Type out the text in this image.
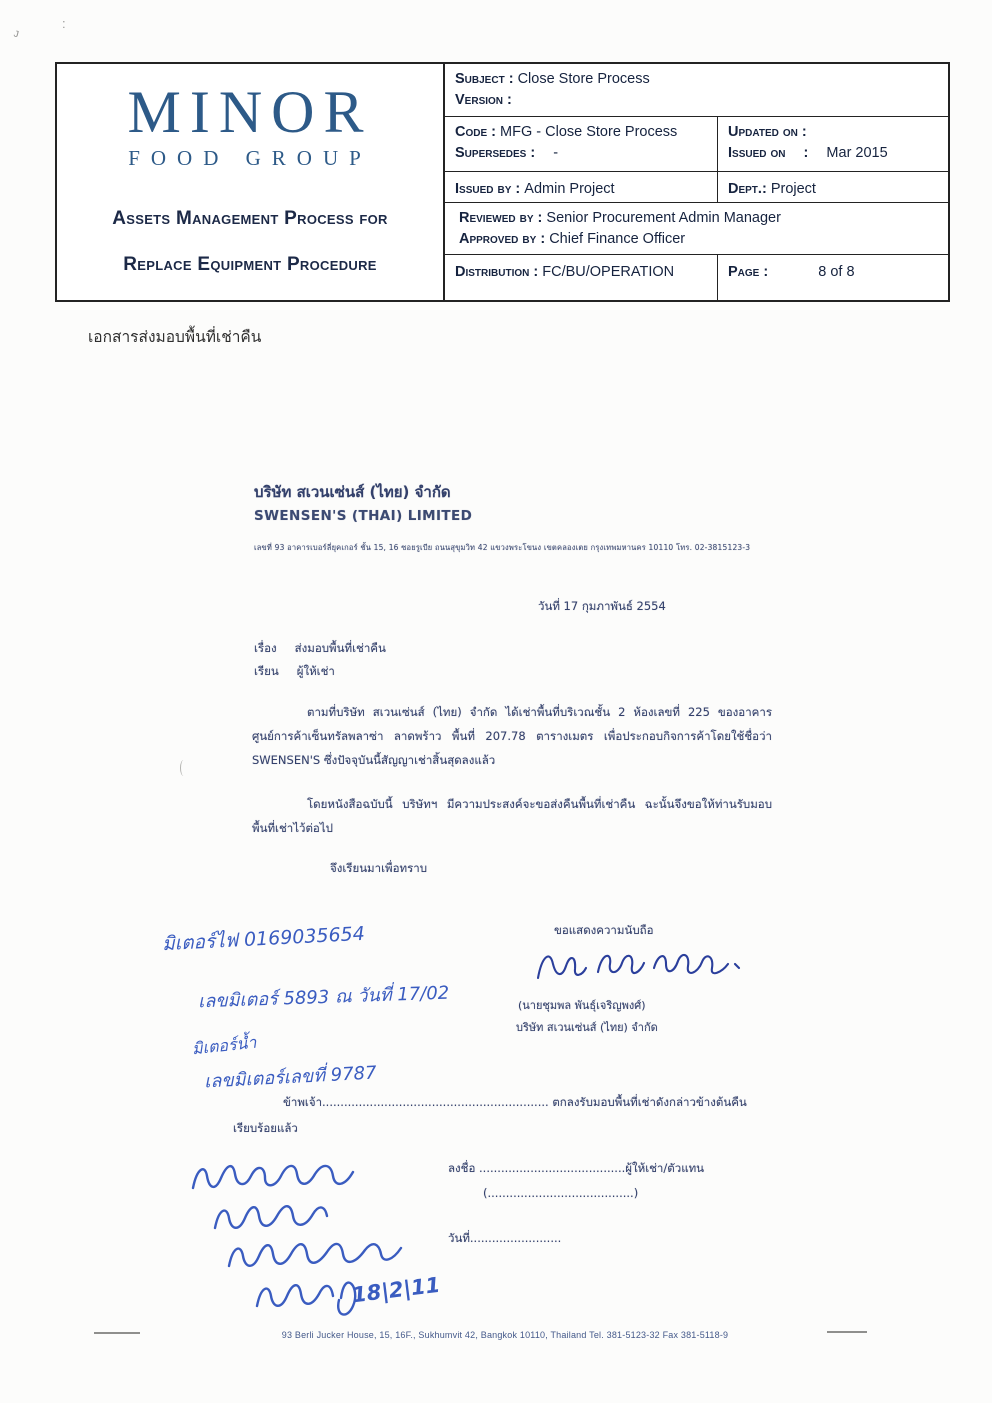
ᴊ
:
MINOR
FOOD GROUP
Assets Management Process for
Replace Equipment Procedure
Subject : Close Store Process
Version :
Code : MFG - Close Store Process
Supersedes : -
Updated on :
Issued on : Mar 2015
Issued by : Admin Project	Dept.: Project
Reviewed by : Senior Procurement Admin Manager
Approved by : Chief Finance Officer
Distribution : FC/BU/OPERATION	Page :	8 of 8
เอกสารส่งมอบพื้นที่เช่าคืน
บริษัท สเวนเซ่นส์ (ไทย) จำกัด
SWENSEN'S (THAI) LIMITED
เลขที่ 93 อาคารเบอร์ลี่ยุคเกอร์ ชั้น 15, 16 ซอยรูเบีย ถนนสุขุมวิท 42 แขวงพระโขนง เขตคลองเตย กรุงเทพมหานคร 10110 โทร. 02-3815123-3
วันที่ 17 กุมภาพันธ์ 2554
เรื่อง ส่งมอบพื้นที่เช่าคืน
เรียน ผู้ให้เช่า
ตามที่บริษัท สเวนเซ่นส์ (ไทย) จำกัด ได้เช่าพื้นที่บริเวณชั้น 2 ห้องเลขที่ 225 ของอาคารศูนย์การค้าเซ็นทรัลพลาซ่า ลาดพร้าว พื้นที่ 207.78 ตารางเมตร เพื่อประกอบกิจการค้าโดยใช้ชื่อว่า SWENSEN'S ซึ่งปัจจุบันนี้สัญญาเช่าสิ้นสุดลงแล้ว
โดยหนังสือฉบับนี้ บริษัทฯ มีความประสงค์จะขอส่งคืนพื้นที่เช่าคืน ฉะนั้นจึงขอให้ท่านรับมอบพื้นที่เช่าไว้ต่อไป
จึงเรียนมาเพื่อทราบ
ขอแสดงความนับถือ
(นายชุมพล พันธุ์เจริญพงศ์)
บริษัท สเวนเซ่นส์ (ไทย) จำกัด
มิเตอร์ไฟ 0169035654
เลขมิเตอร์ 5893 ณ วันที่ 17/02
มิเตอร์น้ำ
เลขมิเตอร์เลขที่ 9787
ข้าพเจ้า.............................................................. ตกลงรับมอบพื้นที่เช่าดังกล่าวข้างต้นคืน
เรียบร้อยแล้ว
ลงชื่อ ........................................ผู้ให้เช่า/ตัวแทน
(........................................)
วันที่.........................
18|2|11
93 Berli Jucker House, 15, 16F., Sukhumvit 42, Bangkok 10110, Thailand Tel. 381-5123-32 Fax 381-5118-9
